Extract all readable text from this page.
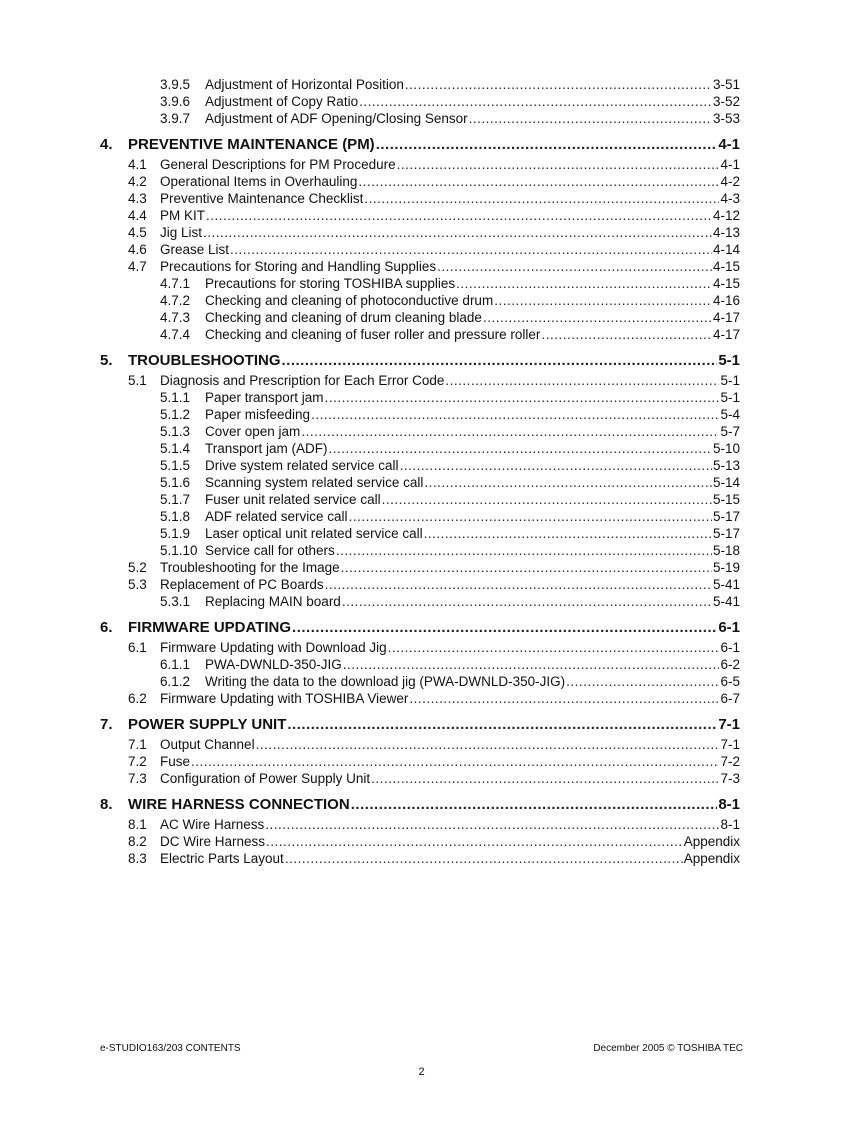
3.9.5	Adjustment of Horizontal Position .....	3-51
3.9.6	Adjustment of Copy Ratio .....	3-52
3.9.7	Adjustment of ADF Opening/Closing Sensor .....	3-53
4.	PREVENTIVE MAINTENANCE (PM) .....	4-1
4.1 General Descriptions for PM Procedure .....	4-1
4.2 Operational Items in Overhauling .....	4-2
4.3 Preventive Maintenance Checklist .....	4-3
4.4 PM KIT .....	4-12
4.5 Jig List .....	4-13
4.6 Grease List .....	4-14
4.7 Precautions for Storing and Handling Supplies .....	4-15
4.7.1	Precautions for storing TOSHIBA supplies .....	4-15
4.7.2	Checking and cleaning of photoconductive drum .....	4-16
4.7.3	Checking and cleaning of drum cleaning blade .....	4-17
4.7.4	Checking and cleaning of fuser roller and pressure roller .....	4-17
5.	TROUBLESHOOTING .....	5-1
5.1 Diagnosis and Prescription for Each Error Code .....	5-1
5.1.1	Paper transport jam .....	5-1
5.1.2	Paper misfeeding .....	5-4
5.1.3	Cover open jam .....	5-7
5.1.4	Transport jam (ADF) .....	5-10
5.1.5	Drive system related service call .....	5-13
5.1.6	Scanning system related service call .....	5-14
5.1.7	Fuser unit related service call .....	5-15
5.1.8	ADF related service call .....	5-17
5.1.9	Laser optical unit related service call .....	5-17
5.1.10 Service call for others .....	5-18
5.2 Troubleshooting for the Image .....	5-19
5.3 Replacement of PC Boards .....	5-41
5.3.1	Replacing MAIN board .....	5-41
6.	FIRMWARE UPDATING .....	6-1
6.1 Firmware Updating with Download Jig .....	6-1
6.1.1	PWA-DWNLD-350-JIG .....	6-2
6.1.2	Writing the data to the download jig (PWA-DWNLD-350-JIG) .....	6-5
6.2 Firmware Updating with TOSHIBA Viewer .....	6-7
7.	POWER SUPPLY UNIT .....	7-1
7.1 Output Channel .....	7-1
7.2 Fuse .....	7-2
7.3 Configuration of Power Supply Unit .....	7-3
8.	WIRE HARNESS CONNECTION .....	8-1
8.1 AC Wire Harness .....	8-1
8.2 DC Wire Harness .....	Appendix
8.3 Electric Parts Layout .....	Appendix
e-STUDIO163/203 CONTENTS	December 2005 © TOSHIBA TEC
2
